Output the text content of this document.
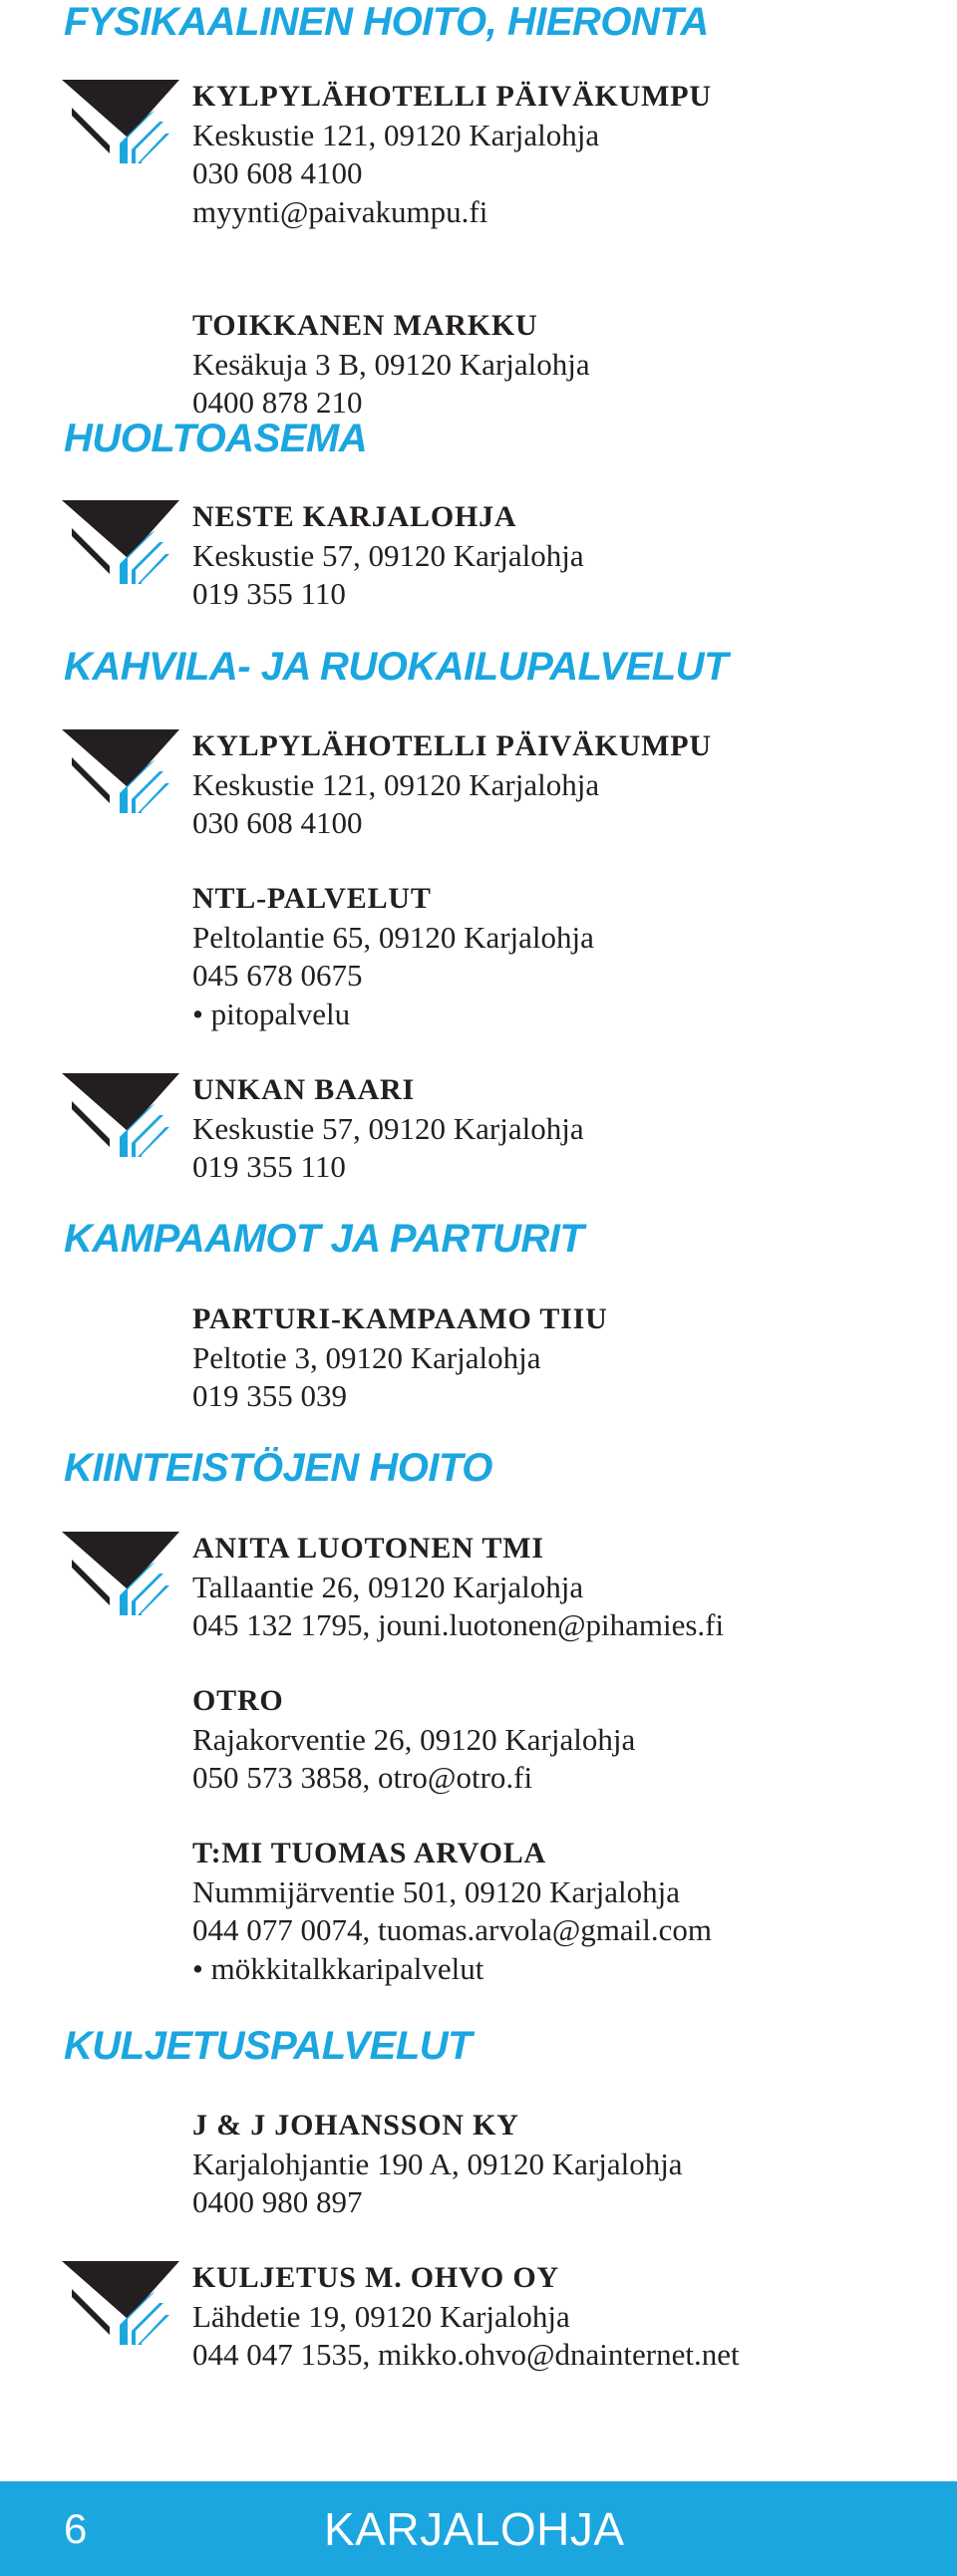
FYSIKAALINEN HOITO, HIERONTA
KYLPYLÄHOTELLI PÄIVÄKUMPU
Keskustie 121, 09120 Karjalohja
030 608 4100
myynti@paivakumpu.fi
TOIKKANEN MARKKU
Kesäkuja 3 B, 09120 Karjalohja
0400 878 210
HUOLTOASEMA
NESTE KARJALOHJA
Keskustie 57, 09120 Karjalohja
019 355 110
KAHVILA- JA RUOKAILUPALVELUT
KYLPYLÄHOTELLI PÄIVÄKUMPU
Keskustie 121, 09120 Karjalohja
030 608 4100
NTL-PALVELUT
Peltolantie 65, 09120 Karjalohja
045 678 0675
• pitopalvelu
UNKAN BAARI
Keskustie 57, 09120 Karjalohja
019 355 110
KAMPAAMOT JA PARTURIT
PARTURI-KAMPAAMO TIIU
Peltotie 3, 09120 Karjalohja
019 355 039
KIINTEISTÖJEN HOITO
ANITA LUOTONEN TMI
Tallaantie 26, 09120 Karjalohja
045 132 1795, jouni.luotonen@pihamies.fi
OTRO
Rajakorventie 26, 09120 Karjalohja
050 573 3858, otro@otro.fi
T:MI TUOMAS ARVOLA
Nummijärventie 501, 09120 Karjalohja
044 077 0074, tuomas.arvola@gmail.com
• mökkitalkkaripalvelut
KULJETUSPALVELUT
J & J JOHANSSON KY
Karjalohjantie 190 A, 09120 Karjalohja
0400 980 897
KULJETUS M. OHVO OY
Lähdetie 19, 09120 Karjalohja
044 047 1535, mikko.ohvo@dnainternet.net
6	KARJALOHJA
